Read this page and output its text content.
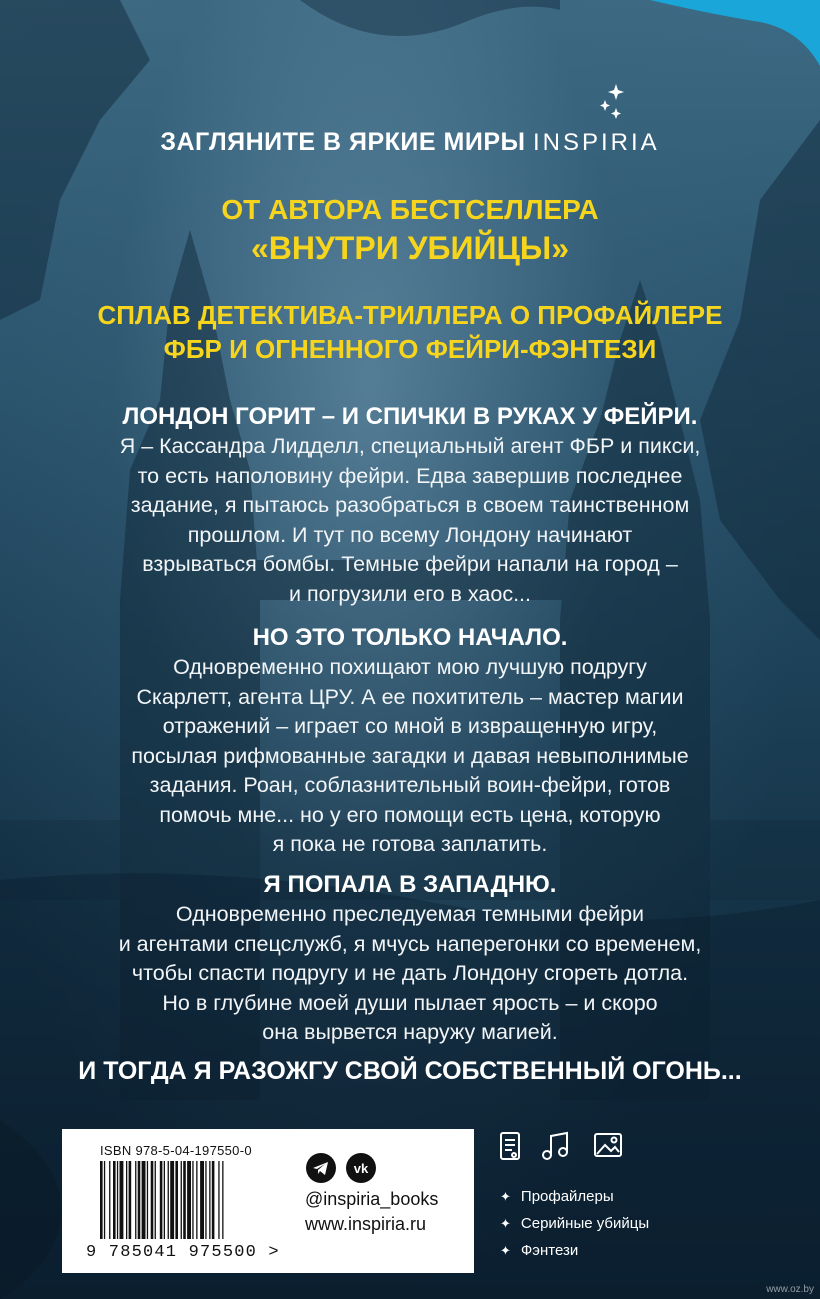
ЗАГЛЯНИТЕ В ЯРКИЕ МИРЫ INSPIRIA
ОТ АВТОРА БЕСТСЕЛЛЕРА
«ВНУТРИ УБИЙЦЫ»
СПЛАВ ДЕТЕКТИВА-ТРИЛЛЕРА О ПРОФАЙЛЕРЕ
ФБР И ОГНЕННОГО ФЕЙРИ-ФЭНТЕЗИ
ЛОНДОН ГОРИТ – И СПИЧКИ В РУКАХ У ФЕЙРИ.
Я – Кассандра Лидделл, специальный агент ФБР и пикси,
то есть наполовину фейри. Едва завершив последнее
задание, я пытаюсь разобраться в своем таинственном
прошлом. И тут по всему Лондону начинают
взрываться бомбы. Темные фейри напали на город –
и погрузили его в хаос...
НО ЭТО ТОЛЬКО НАЧАЛО.
Одновременно похищают мою лучшую подругу
Скарлетт, агента ЦРУ. А ее похититель – мастер магии
отражений – играет со мной в извращенную игру,
посылая рифмованные загадки и давая невыполнимые
задания. Роан, соблазнительный воин-фейри, готов
помочь мне... но у его помощи есть цена, которую
я пока не готова заплатить.
Я ПОПАЛА В ЗАПАДНЮ.
Одновременно преследуемая темными фейри
и агентами спецслужб, я мчусь наперегонки со временем,
чтобы спасти подругу и не дать Лондону сгореть дотла.
Но в глубине моей души пылает ярость – и скоро
она вырвется наружу магией.
И ТОГДА Я РАЗОЖГУ СВОЙ СОБСТВЕННЫЙ ОГОНЬ...
ISBN 978-5-04-197550-0
9 785041 975500 >

vk
@inspiria_books
www.inspiria.ru
✦ Профайлеры
✦ Серийные убийцы
✦ Фэнтези
www.oz.by
